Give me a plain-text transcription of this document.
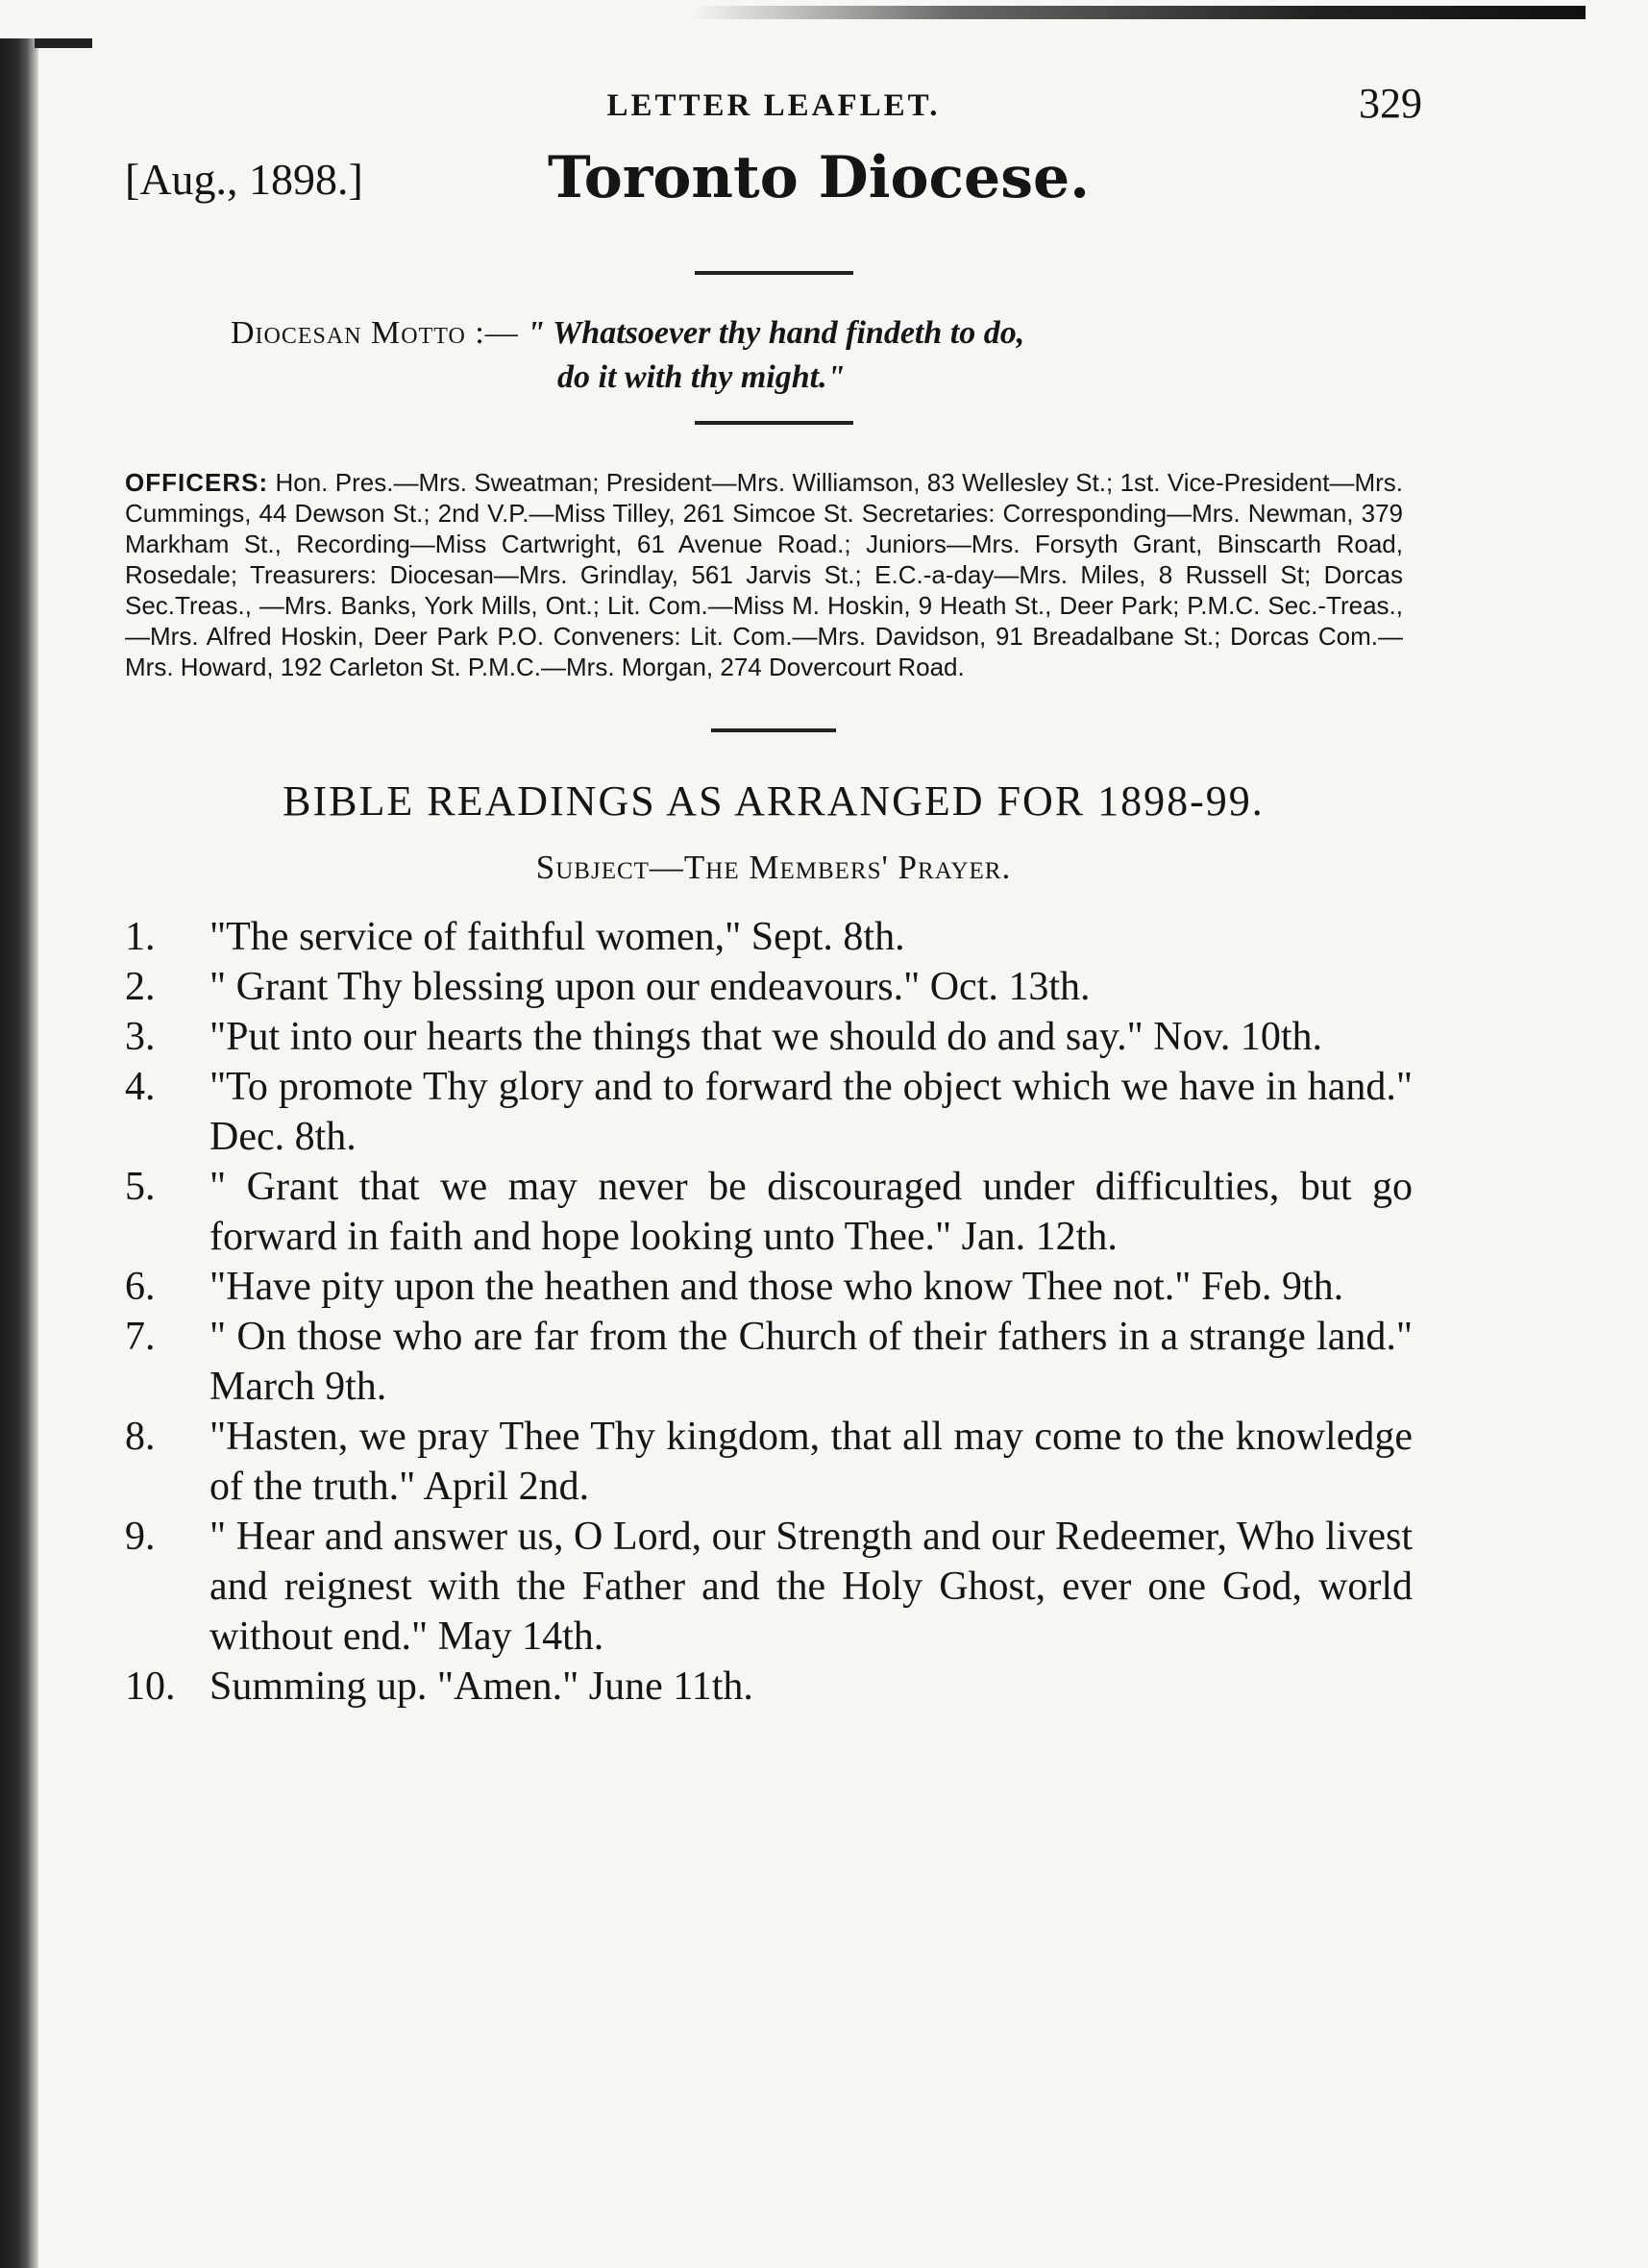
LETTER LEAFLET.	329
[Aug., 1898.]	Toronto Diocese.
Diocesan Motto :— " Whatsoever thy hand findeth to do,
do it with thy might."
OFFICERS: Hon. Pres.—Mrs. Sweatman; President—Mrs. Williamson, 83 Wellesley St.; 1st. Vice-President—Mrs. Cummings, 44 Dewson St.; 2nd V.P.—Miss Tilley, 261 Simcoe St. Secretaries: Corresponding—Mrs. Newman, 379 Markham St., Recording—Miss Cartwright, 61 Avenue Road.; Juniors—Mrs. Forsyth Grant, Binscarth Road, Rosedale; Treasurers: Diocesan—Mrs. Grindlay, 561 Jarvis St.; E.C.-a-day—Mrs. Miles, 8 Russell St; Dorcas Sec.Treas., —Mrs. Banks, York Mills, Ont.; Lit. Com.—Miss M. Hoskin, 9 Heath St., Deer Park; P.M.C. Sec.-Treas.,—Mrs. Alfred Hoskin, Deer Park P.O. Conveners: Lit. Com.—Mrs. Davidson, 91 Breadalbane St.; Dorcas Com.—Mrs. Howard, 192 Carleton St. P.M.C.—Mrs. Morgan, 274 Dovercourt Road.
BIBLE READINGS AS ARRANGED FOR 1898-99.
Subject—The Members' Prayer.
1.	"The service of faithful women," Sept. 8th.
2.	" Grant Thy blessing upon our endeavours." Oct. 13th.
3.	"Put into our hearts the things that we should do and say." Nov. 10th.
4.	"To promote Thy glory and to forward the object which we have in hand." Dec. 8th.
5.	" Grant that we may never be discouraged under difficulties, but go forward in faith and hope looking unto Thee." Jan. 12th.
6.	"Have pity upon the heathen and those who know Thee not." Feb. 9th.
7.	" On those who are far from the Church of their fathers in a strange land." March 9th.
8.	"Hasten, we pray Thee Thy kingdom, that all may come to the knowledge of the truth." April 2nd.
9.	" Hear and answer us, O Lord, our Strength and our Redeemer, Who livest and reignest with the Father and the Holy Ghost, ever one God, world without end." May 14th.
10. Summing up. "Amen." June 11th.
